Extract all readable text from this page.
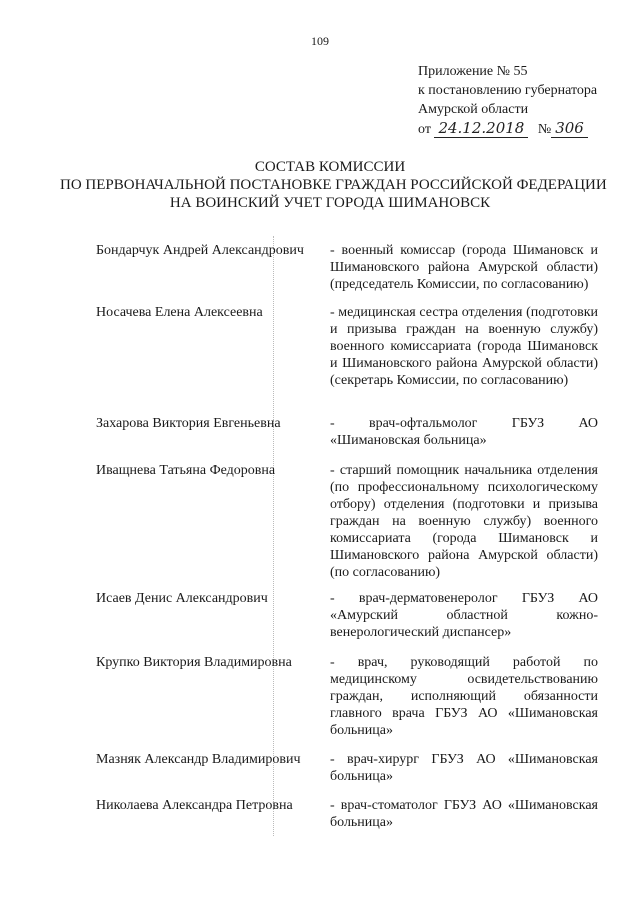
109
Приложение № 55
к постановлению губернатора
Амурской области
от 24.12.2018 № 306
СОСТАВ КОМИССИИ
ПО ПЕРВОНАЧАЛЬНОЙ ПОСТАНОВКЕ ГРАЖДАН РОССИЙСКОЙ ФЕДЕРАЦИИ
НА ВОИНСКИЙ УЧЕТ ГОРОДА ШИМАНОВСК
Бондарчук Андрей Александрович	- военный комиссар (города Шимановск и Шимановского района Амурской области) (председатель Комиссии, по согласованию)
Носачева Елена Алексеевна	- медицинская сестра отделения (подготовки и призыва граждан на военную службу) военного комиссариата (города Шимановск и Шимановского района Амурской области) (секретарь Комиссии, по согласованию)
Захарова Виктория Евгеньевна	- врач-офтальмолог ГБУЗ АО «Шимановская больница»
Иващнева Татьяна Федоровна	- старший помощник начальника отделения (по профессиональному психологическому отбору) отделения (подготовки и призыва граждан на военную службу) военного комиссариата (города Шимановск и Шимановского района Амурской области) (по согласованию)
Исаев Денис Александрович	- врач-дерматовенеролог ГБУЗ АО «Амурский областной кожно-венерологический диспансер»
Крупко Виктория Владимировна	- врач, руководящий работой по медицинскому освидетельствованию граждан, исполняющий обязанности главного врача ГБУЗ АО «Шимановская больница»
Мазняк Александр Владимирович	- врач-хирург ГБУЗ АО «Шимановская больница»
Николаева Александра Петровна	- врач-стоматолог ГБУЗ АО «Шимановская больница»
